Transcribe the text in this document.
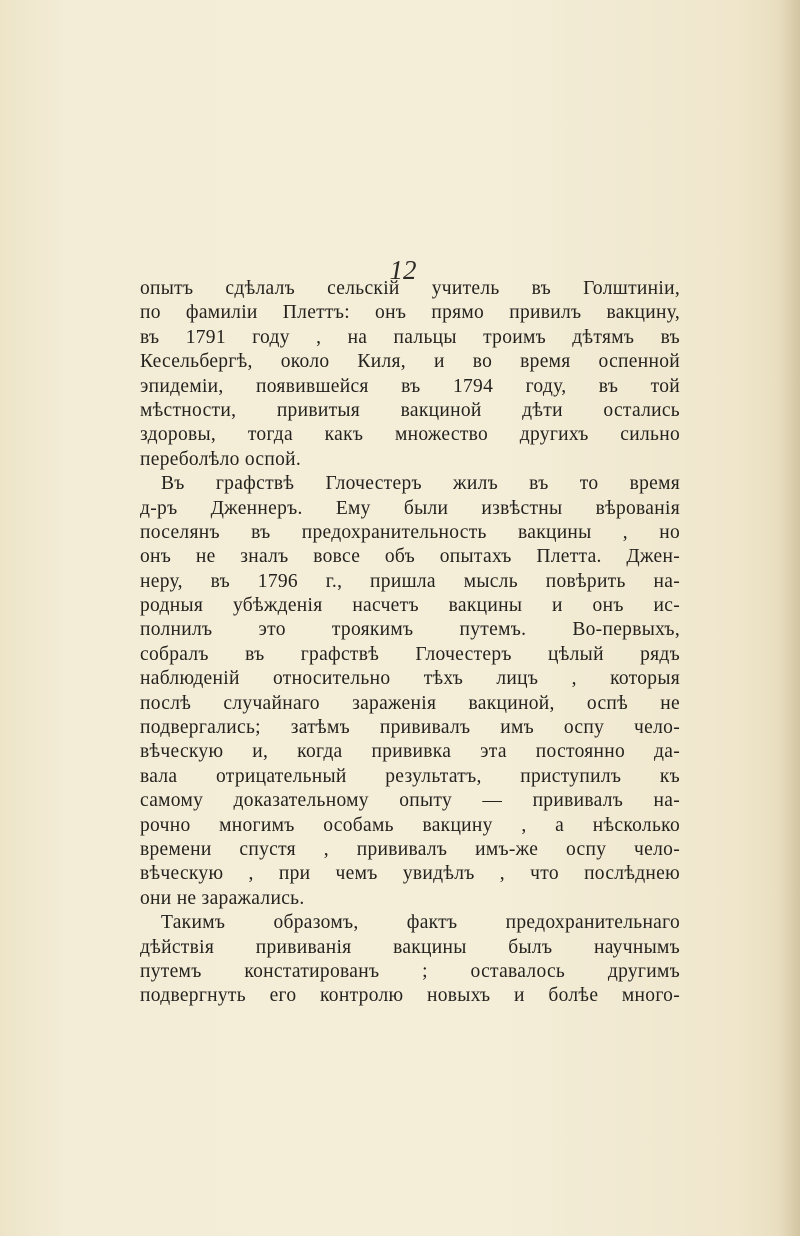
12
опытъ сдѣлалъ сельскій учитель въ Голштиніи,
по фамиліи Плеттъ: онъ прямо привилъ вакцину,
въ 1791 году , на пальцы троимъ дѣтямъ въ
Кесельбергѣ, около Киля, и во время оспенной
эпидеміи, появившейся въ 1794 году, въ той
мѣстности, привитыя вакциной дѣти остались
здоровы, тогда какъ множество другихъ сильно
переболѣло оспой.
Въ графствѣ Глочестеръ жилъ въ то время
д-ръ Дженнеръ. Ему были извѣстны вѣрованія
поселянъ въ предохранительность вакцины , но
онъ не зналъ вовсе объ опытахъ Плетта. Джен-
неру, въ 1796 г., пришла мысль повѣрить на-
родныя убѣжденія насчетъ вакцины и онъ ис-
полнилъ это троякимъ путемъ. Во-первыхъ,
собралъ въ графствѣ Глочестеръ цѣлый рядъ
наблюденій относительно тѣхъ лицъ , которыя
послѣ случайнаго зараженія вакциной, оспѣ не
подвергались; затѣмъ прививалъ имъ оспу чело-
вѣческую и, когда прививка эта постоянно да-
вала отрицательный результатъ, приступилъ къ
самому доказательному опыту — прививалъ на-
рочно многимъ особамь вакцину , а нѣсколько
времени спустя , прививалъ имъ-же оспу чело-
вѣческую , при чемъ увидѣлъ , что послѣднею
они не заражались.
Такимъ образомъ, фактъ предохранительнаго
дѣйствія прививанія вакцины былъ научнымъ
путемъ констатированъ ; оставалось другимъ
подвергнуть его контролю новыхъ и болѣе много-
